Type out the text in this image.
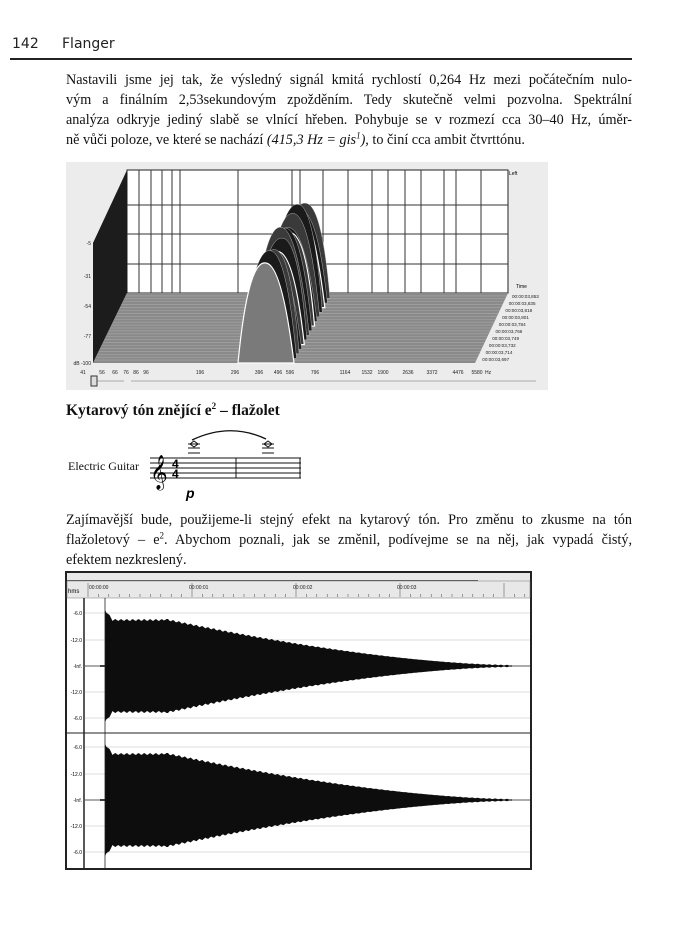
142 Flanger
Nastavili jsme jej tak, že výsledný signál kmitá rychlostí 0,264 Hz mezi počátečním nulo-
vým a finálním 2,53sekundovým zpožděním. Tedy skutečně velmi pozvolna. Spektrální
analýza odkryje jediný slabě se vlnící hřeben. Pohybuje se v rozmezí cca 30–40 Hz, úměr-
ně vůči poloze, ve které se nachází (415,3 Hz = gis$^1$), to činí cca ambit čtvrttónu.
-5
-31
-54
-77
dB -100
41	56 66 76 86 96	196	296	396 496 596	796	1164 1532 1900	2636	3372	4476 5580 Hz
00:00:03,853
00:00:03,835
00:00:03,818
00:00:03,801
00:00:03,784
00:00:03,766
00:00:03,749
00:00:03,732
00:00:03,714
00:00:03,697
Left
Time
Kytarový tón znějící $e^2$ – flažolet
Electric Guitar 𝄞 4
4
p
Zajímavější bude, použijeme-li stejný efekt na kytarový tón. Pro změnu to zkusme na tón
flažoletový – $e^2$. Abychom poznali, jak se změnil, podívejme se na něj, jak vypadá čistý,
efektem nezkreslený.
hms
00:00:00	00:00:01	00:00:02	00:00:03
-6.0
-12.0
-Inf.
-12.0
-6.0
-6.0
-12.0
-Inf.
-12.0
-6.0
